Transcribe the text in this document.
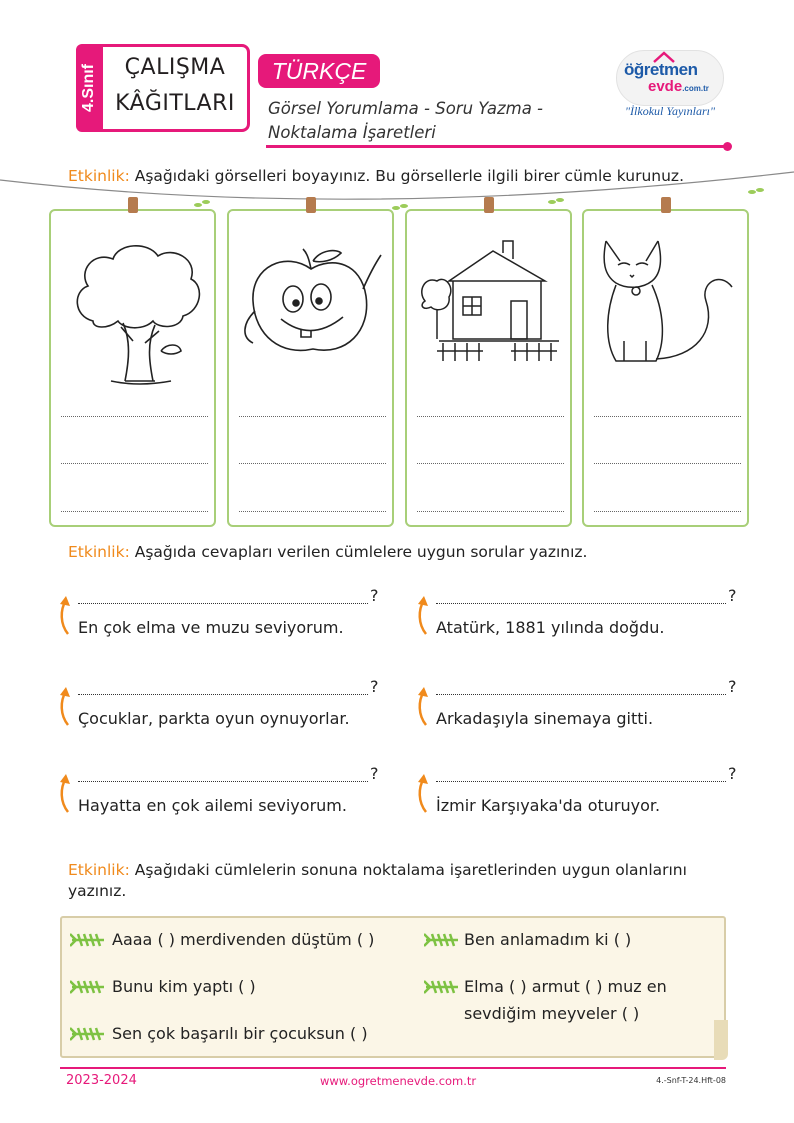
4.Sınıf	ÇALIŞMA
KÂĞITLARI
TÜRKÇE
Görsel Yorumlama - Soru Yazma -
Noktalama İşaretleri
öğretmen
evde.com.tr
"İlkokul Yayınları"
Etkinlik: Aşağıdaki görselleri boyayınız. Bu görsellerle ilgili birer cümle kurunuz.
Etkinlik: Aşağıda cevapları verilen cümlelere uygun sorular yazınız.
?
En çok elma ve muzu seviyorum.
?
Atatürk, 1881 yılında doğdu.
?
Çocuklar, parkta oyun oynuyorlar.
?
Arkadaşıyla sinemaya gitti.
?
Hayatta en çok ailemi seviyorum.
?
İzmir Karşıyaka'da oturuyor.
Etkinlik: Aşağıdaki cümlelerin sonuna noktalama işaretlerinden uygun olanlarını yazınız.
Aaaa ( ) merdivenden düştüm ( )	Ben anlamadım ki ( )
Bunu kim yaptı ( )	Elma ( ) armut ( ) muz en
sevdiğim meyveler ( )
Sen çok başarılı bir çocuksun ( )
2023-2024	www.ogretmenevde.com.tr	4.-Snf-T-24.Hft-08
